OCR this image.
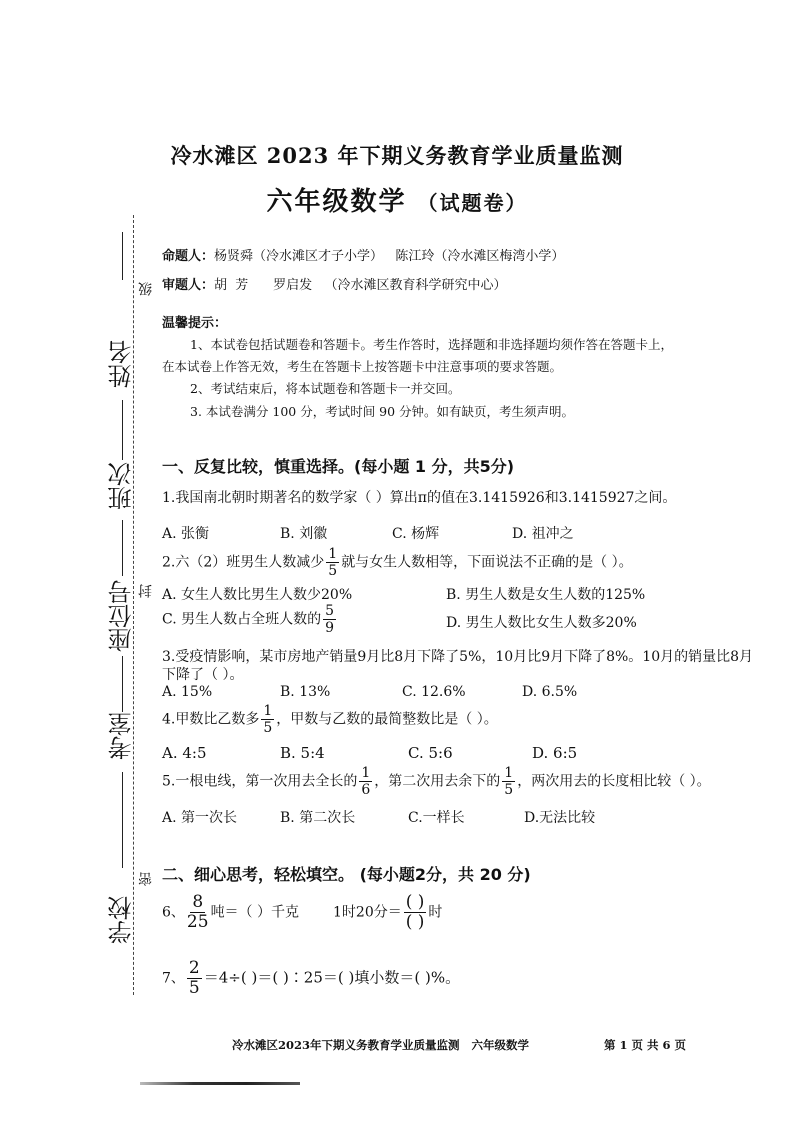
级
姓名
班次
座位号 封
考室
密
学校
冷水滩区 2023 年下期义务教育学业质量监测
六年级数学 （试题卷）
命题人：杨贤舜（冷水滩区才子小学）   陈江玲（冷水滩区梅湾小学）
审题人：胡  芳      罗启发   （冷水滩区教育科学研究中心）
温馨提示：
1、本试卷包括试题卷和答题卡。考生作答时，选择题和非选择题均须作答在答题卡上，
在本试卷上作答无效，考生在答题卡上按答题卡中注意事项的要求答题。
2、考试结束后，将本试题卷和答题卡一并交回。
3. 本试卷满分 100 分，考试时间 90 分钟。如有缺页，考生须声明。
一、反复比较，慎重选择。(每小题 1 分，共5分)
1.我国南北朝时期著名的数学家（ ）算出π的值在3.1415926和3.1415927之间。
A. 张衡	B. 刘徽	C. 杨辉	D. 祖冲之
2.六（2）班男生人数减少 $\frac{1}{5}$ 就与女生人数相等，下面说法不正确的是（ ）。
A. 女生人数比男生人数少20%	B. 男生人数是女生人数的125%
C. 男生人数占全班人数的 $\frac{5}{9}$	D. 男生人数比女生人数多20%
3.受疫情影响，某市房地产销量9月比8月下降了5%，10月比9月下降了8%。10月的销量比8月
下降了（ ）。
A. 15%	B. 13%	C. 12.6%	D. 6.5%
4.甲数比乙数多 $\frac{1}{5}$ ，甲数与乙数的最简整数比是（ ）。
A. 4:5	B. 5:4	C. 5:6	D. 6:5
5.一根电线，第一次用去全长的 $\frac{1}{6}$ ，第二次用去余下的 $\frac{1}{5}$ ，两次用去的长度相比较（ ）。
A. 第一次长	B. 第二次长	C.一样长	D.无法比较
二、细心思考，轻松填空。 (每小题2分，共 20 分)
6、 $\frac{8}{25}$ 吨＝（ ）千克 1时20分＝ $\frac{( )}{( )}$ 时
7、 $\frac{2}{5} =4\div$( )＝( )∶25＝( )填小数＝( )%。
冷水滩区2023年下期义务教育学业质量监测   六年级数学	第 1 页 共 6 页
